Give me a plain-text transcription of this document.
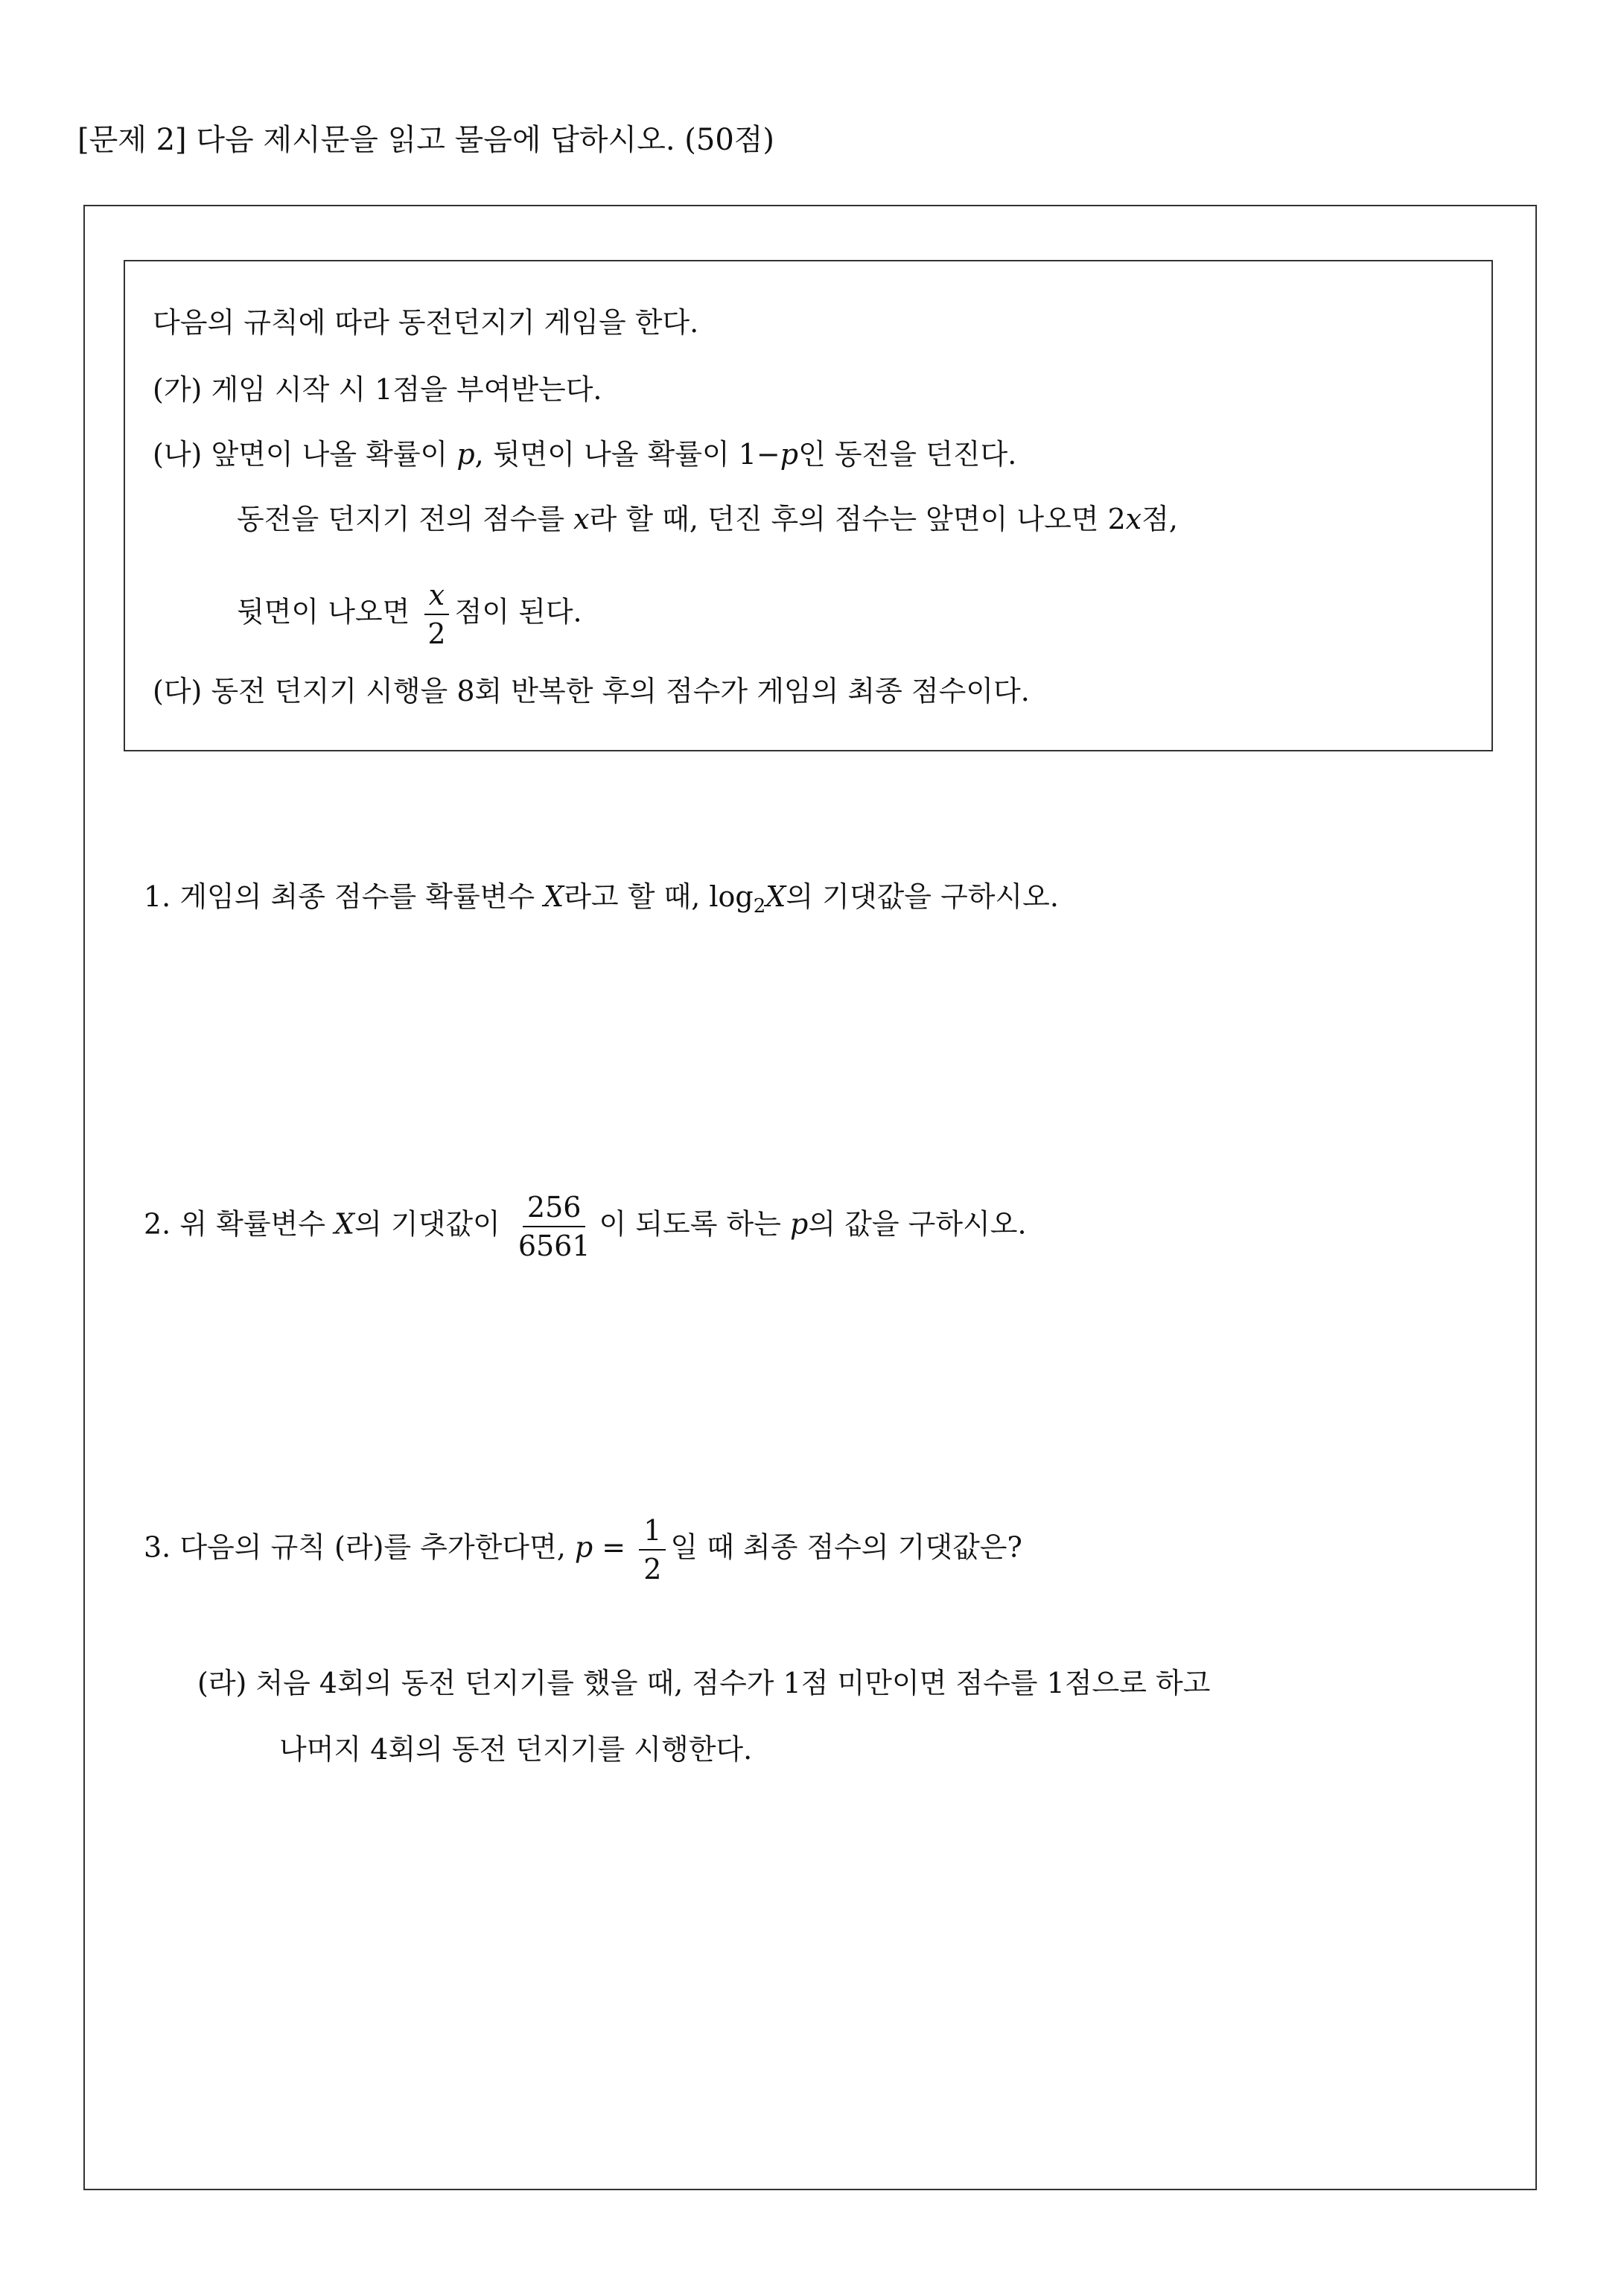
[문제 2] 다음 제시문을 읽고 물음에 답하시오. (50점)
다음의 규칙에 따라 동전던지기 게임을 한다.
(가) 게임 시작 시 1점을 부여받는다.
(나) 앞면이 나올 확률이 p, 뒷면이 나올 확률이 1−p인 동전을 던진다.
동전을 던지기 전의 점수를 x라 할 때, 던진 후의 점수는 앞면이 나오면 2x점,
뒷면이 나오면 $\frac{x}{2}$ 점이 된다.
(다) 동전 던지기 시행을 8회 반복한 후의 점수가 게임의 최종 점수이다.
1. 게임의 최종 점수를 확률변수 X라고 할 때, $\log_2X$의 기댓값을 구하시오.
2. 위 확률변수 X의 기댓값이 $\frac{256}{6561}$ 이 되도록 하는 p의 값을 구하시오.
3. 다음의 규칙 (라)를 추가한다면, $p = \frac{1}{2}$ 일 때 최종 점수의 기댓값은?
(라) 처음 4회의 동전 던지기를 했을 때, 점수가 1점 미만이면 점수를 1점으로 하고
나머지 4회의 동전 던지기를 시행한다.
